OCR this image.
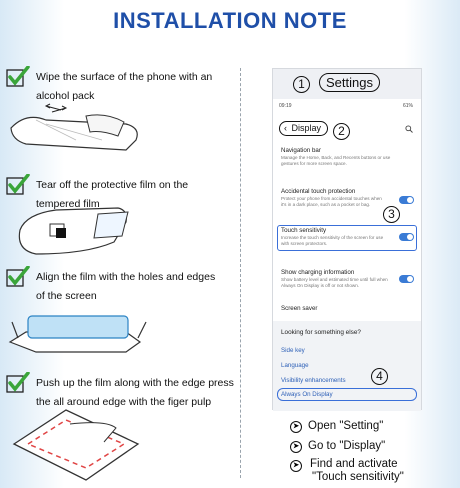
INSTALLATION NOTE
Wipe the surface of the phone with an
alcohol pack
Tear off the protective film on the
tempered film
Align the film with the holes and edges
of the screen
Push up the film along with the edge press
the all around edge with the figer pulp
1	Settings
09:19	61%
‹ Display	2
Navigation bar
Manage the Home, Back, and Recents buttons or use gestures for more screen space.
Accidental touch protection
Protect your phone from accidental touches when it's in a dark place, such as a pocket or bag.
3
Touch sensitivity
Increase the touch sensitivity of the screen for use with screen protectors.
Show charging information
Show battery level and estimated time until full when Always On Display is off or not shown.
Screen saver
Looking for something else?
Side key
Language
Visibility enhancements	4
Always On Display
➤ Open "Setting"
➤ Go to "Display"
➤ Find and activate
"Touch sensitivity"
